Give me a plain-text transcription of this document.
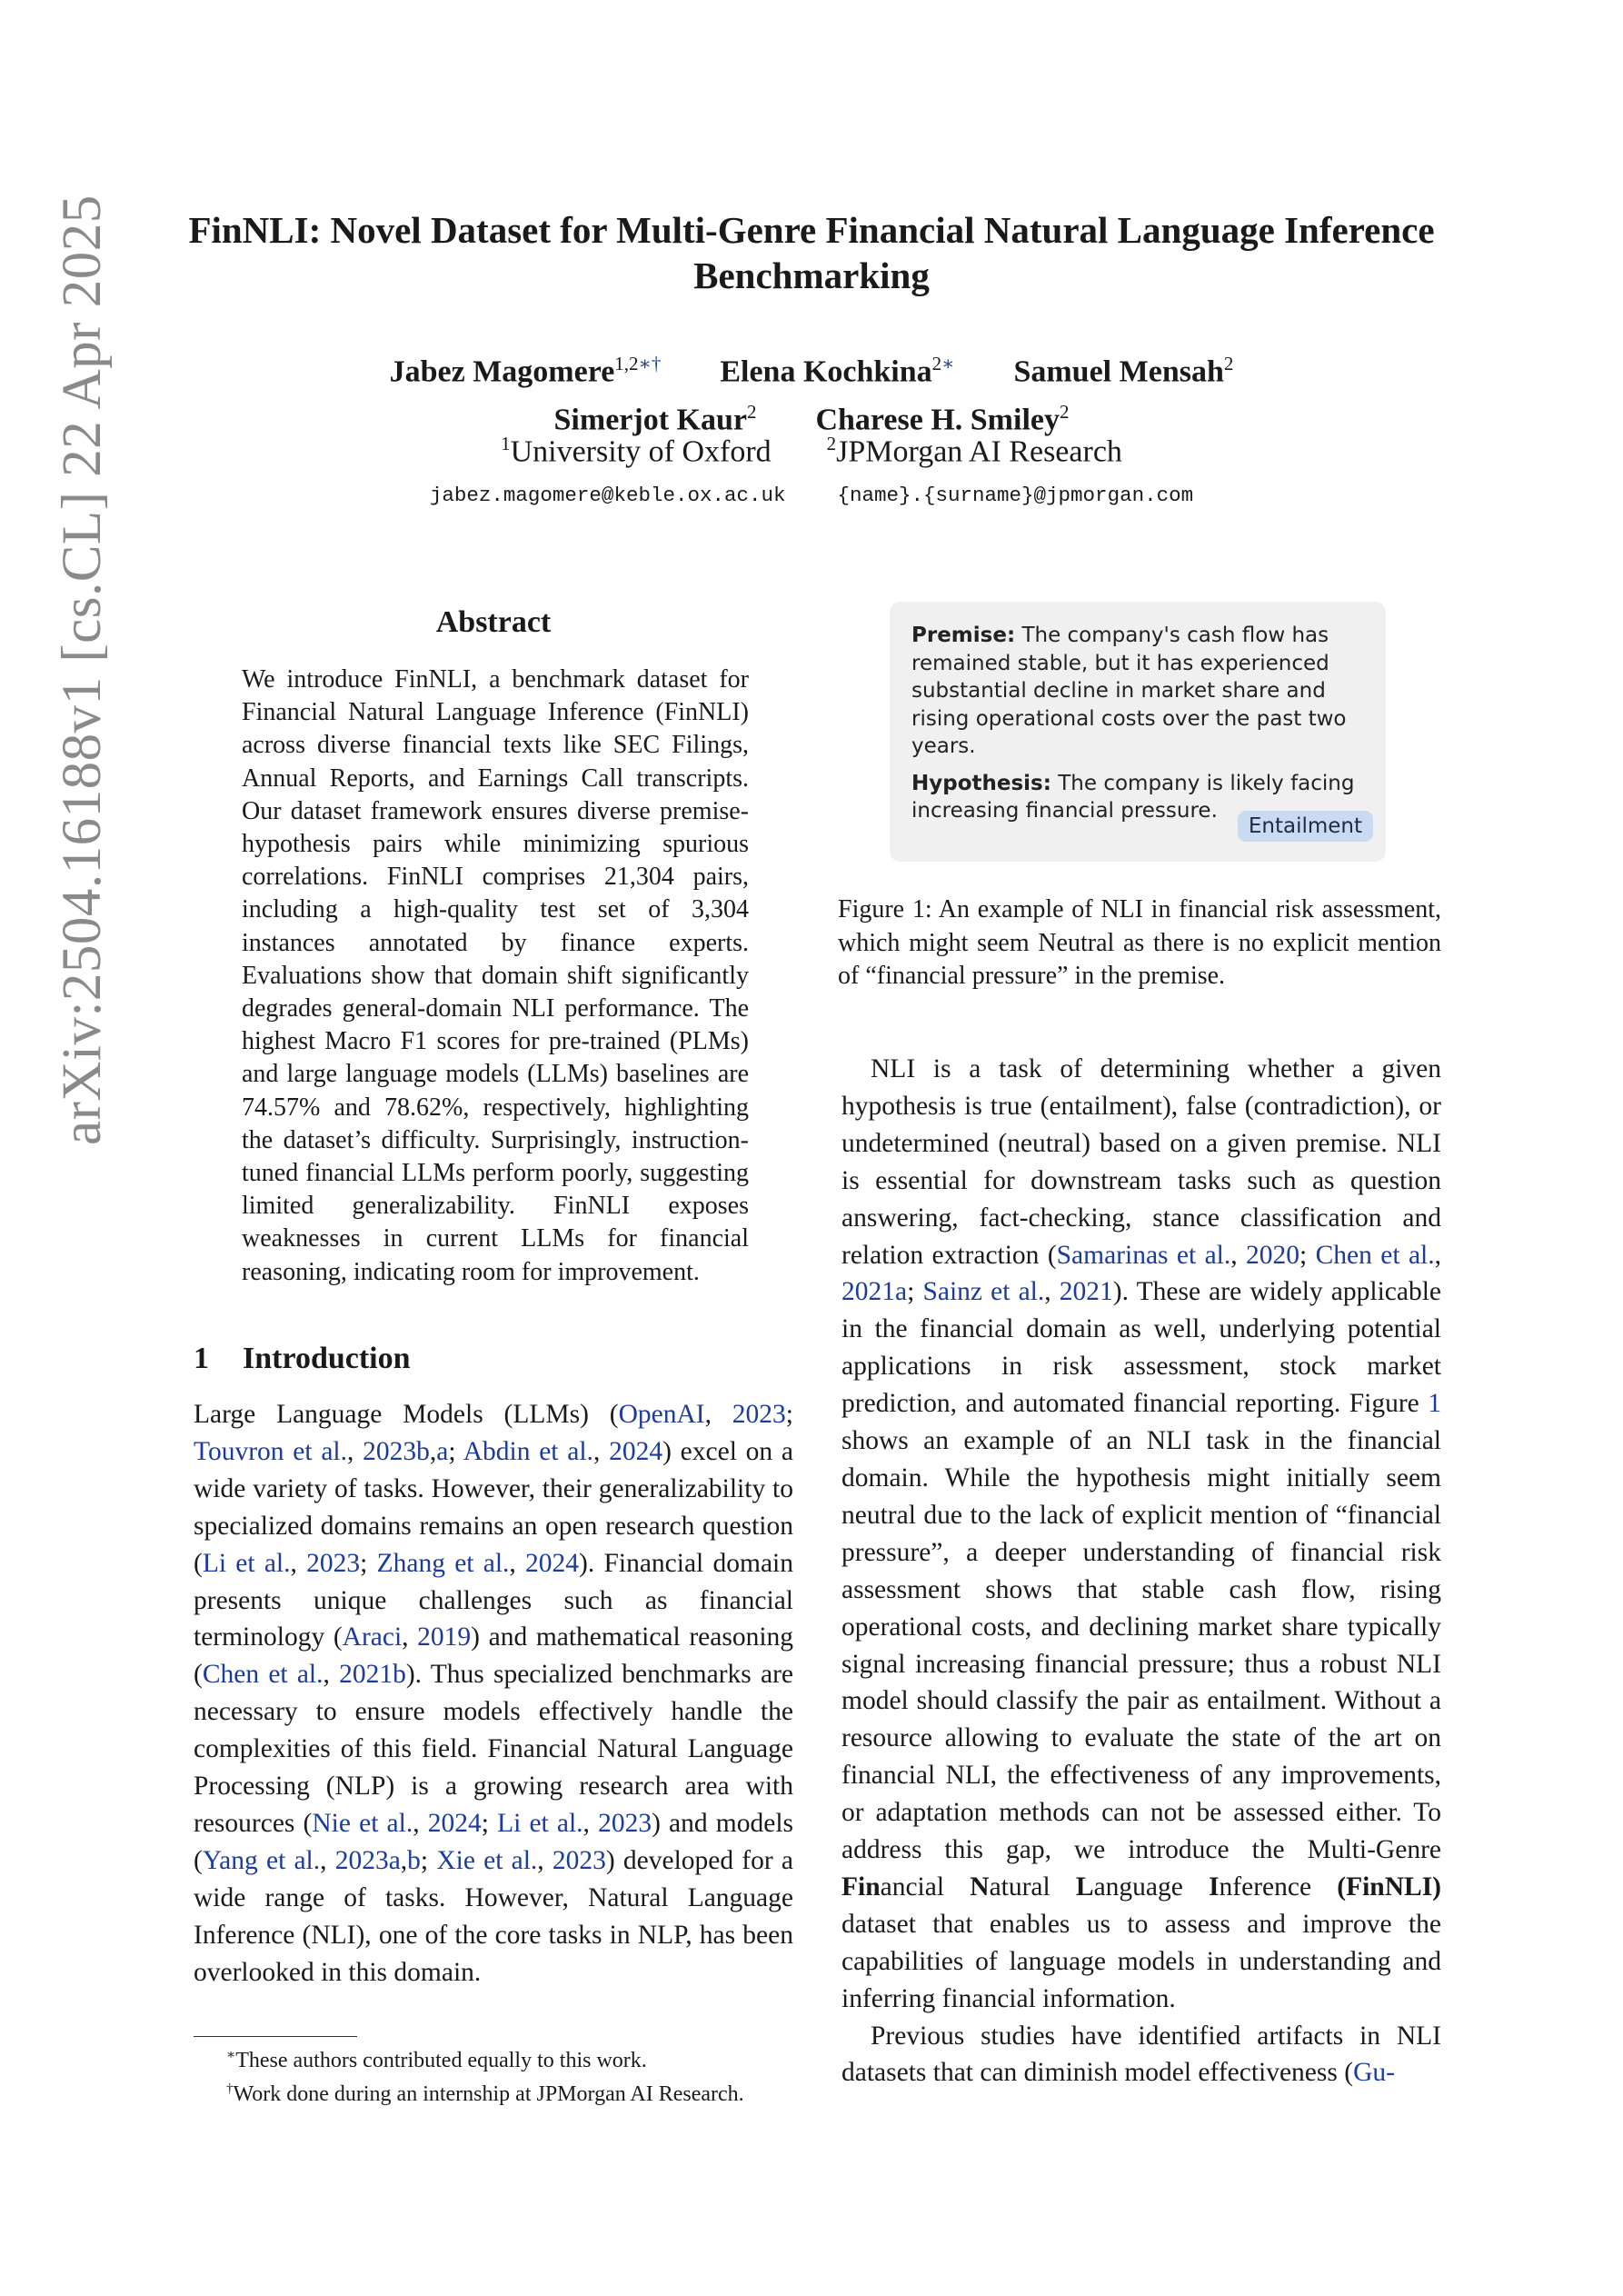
arXiv:2504.16188v1 [cs.CL] 22 Apr 2025	FinNLI: Novel Dataset for Multi-Genre Financial Natural Language Inference Benchmarking
Jabez Magomere$^{1,2∗\dagger}$ Elena Kochkina$^{2∗}$ Samuel Mensah$^2$
Simerjot Kaur$^2$ Charese H. Smiley$^2$
$^1$University of Oxford	$^2$JPMorgan AI Research
jabez.magomere@keble.ox.ac.uk	{name}.{surname}@jpmorgan.com
Abstract
We introduce FinNLI, a benchmark dataset for Financial Natural Language Inference (FinNLI) across diverse financial texts like SEC Filings, Annual Reports, and Earnings Call transcripts. Our dataset framework ensures diverse premise-hypothesis pairs while minimizing spurious correlations. FinNLI comprises 21,304 pairs, including a high-quality test set of 3,304 instances annotated by finance experts. Evaluations show that domain shift significantly degrades general-domain NLI performance. The highest Macro F1 scores for pre-trained (PLMs) and large language models (LLMs) baselines are 74.57% and 78.62%, respectively, highlighting the dataset’s difficulty. Surprisingly, instruction-tuned financial LLMs perform poorly, suggesting limited generalizability. FinNLI exposes weaknesses in current LLMs for financial reasoning, indicating room for improvement.
1 Introduction
Large Language Models (LLMs) (OpenAI, 2023; Touvron et al., 2023b,a; Abdin et al., 2024) excel on a wide variety of tasks. However, their generalizability to specialized domains remains an open research question (Li et al., 2023; Zhang et al., 2024). Financial domain presents unique challenges such as financial terminology (Araci, 2019) and mathematical reasoning (Chen et al., 2021b). Thus specialized benchmarks are necessary to ensure models effectively handle the complexities of this field. Financial Natural Language Processing (NLP) is a growing research area with resources (Nie et al., 2024; Li et al., 2023) and models (Yang et al., 2023a,b; Xie et al., 2023) developed for a wide range of tasks. However, Natural Language Inference (NLI), one of the core tasks in NLP, has been overlooked in this domain.

∗These authors contributed equally to this work.

†Work done during an internship at JPMorgan AI Research.

Premise: The company's cash flow has remained stable, but it has experienced substantial decline in market share and rising operational costs over the past two years.

Hypothesis: The company is likely facing increasing financial pressure.

Entailment
Figure 1: An example of NLI in financial risk assessment, which might seem Neutral as there is no explicit mention of “financial pressure” in the premise.

NLI is a task of determining whether a given hypothesis is true (entailment), false (contradiction), or undetermined (neutral) based on a given premise. NLI is essential for downstream tasks such as question answering, fact-checking, stance classification and relation extraction (Samarinas et al., 2020; Chen et al., 2021a; Sainz et al., 2021). These are widely applicable in the financial domain as well, underlying potential applications in risk assessment, stock market prediction, and automated financial reporting. Figure 1 shows an example of an NLI task in the financial domain. While the hypothesis might initially seem neutral due to the lack of explicit mention of “financial pressure”, a deeper understanding of financial risk assessment shows that stable cash flow, rising operational costs, and declining market share typically signal increasing financial pressure; thus a robust NLI model should classify the pair as entailment. Without a resource allowing to evaluate the state of the art on financial NLI, the effectiveness of any improvements, or adaptation methods can not be assessed either. To address this gap, we introduce the Multi-Genre Financial Natural Language Inference (FinNLI) dataset that enables us to assess and improve the capabilities of language models in understanding and inferring financial information.

Previous studies have identified artifacts in NLI datasets that can diminish model effectiveness (Gu-
